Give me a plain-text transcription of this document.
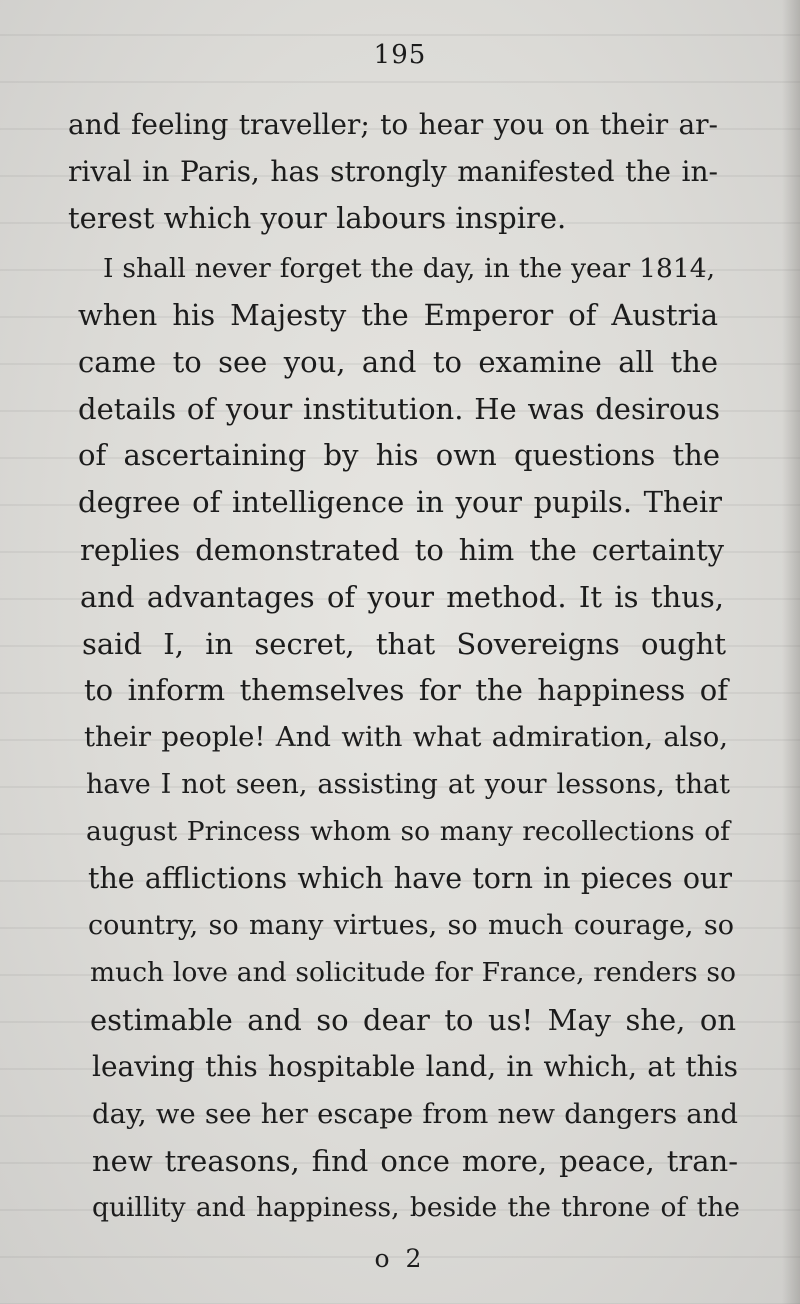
195
and feeling traveller; to hear you on their ar-
rival in Paris, has strongly manifested the in-
terest which your labours inspire.
I shall never forget the day, in the year 1814,
when his Majesty the Emperor of Austria
came to see you, and to examine all the
details of your institution. He was desirous
of ascertaining by his own questions the
degree of intelligence in your pupils. Their
replies demonstrated to him the certainty
and advantages of your method. It is thus,
said I, in secret, that Sovereigns ought
to inform themselves for the happiness of
their people! And with what admiration, also,
have I not seen, assisting at your lessons, that
august Princess whom so many recollections of
the afflictions which have torn in pieces our
country, so many virtues, so much courage, so
much love and solicitude for France, renders so
estimable and so dear to us! May she, on
leaving this hospitable land, in which, at this
day, we see her escape from new dangers and
new treasons, find once more, peace, tran-
quillity and happiness, beside the throne of the
o 2
